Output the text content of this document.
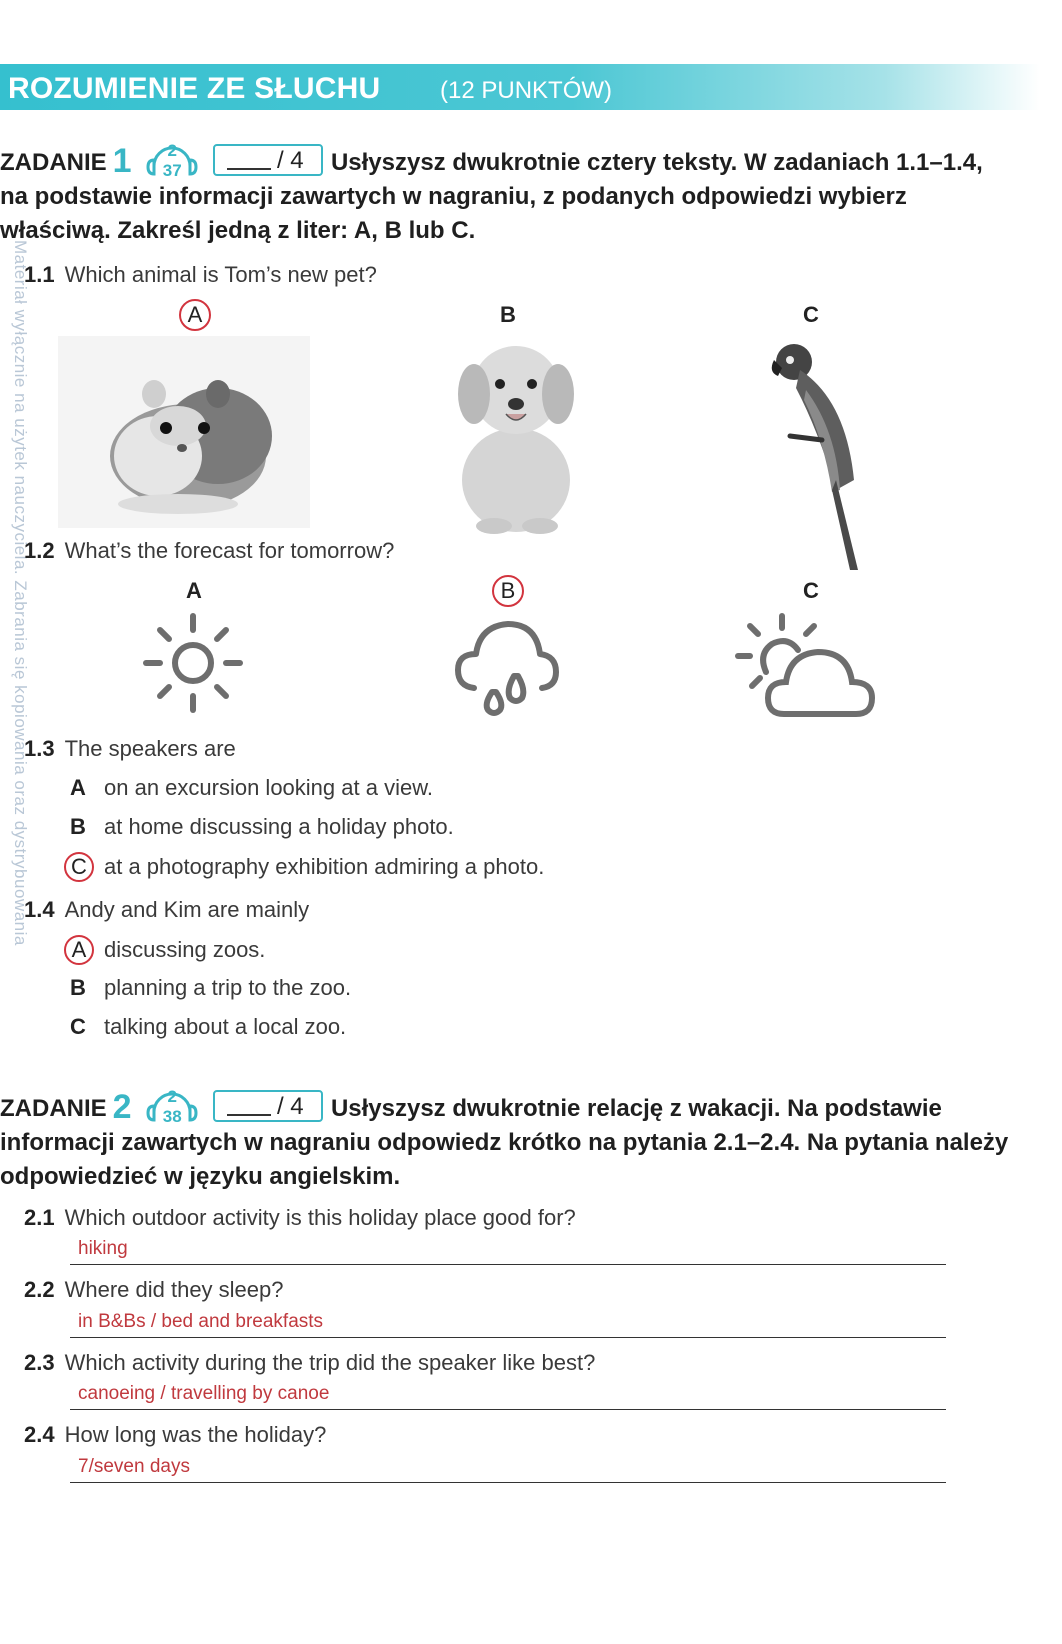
ROZUMIENIE ZE SŁUCHU (12 PUNKTÓW)
Materiał wyłącznie na użytek nauczyciela. Zabrania się kopiowania oraz dystrybuowania
ZADANIE 1	2
37
	/ 4 Usłyszysz dwukrotnie cztery teksty. W zadaniach 1.1–1.4, na podstawie informacji zawartych w nagraniu, z podanych odpowiedzi wybierz właściwą. Zakreśl jedną z liter: A, B lub C.
1.1 Which animal is Tom’s new pet?
A	B	C
1.2 What’s the forecast for tomorrow?
A	B	C
1.3 The speakers are
A on an excursion looking at a view.
B at home discussing a holiday photo.
C at a photography exhibition admiring a photo.
1.4 Andy and Kim are mainly
A discussing zoos.
B planning a trip to the zoo.
C talking about a local zoo.
ZADANIE 2	2
38
	/ 4 Usłyszysz dwukrotnie relację z wakacji. Na podstawie informacji zawartych w nagraniu odpowiedz krótko na pytania 2.1–2.4. Na pytania należy odpowiedzieć w języku angielskim.
2.1 Which outdoor activity is this holiday place good for?
hiking
2.2 Where did they sleep?
in B&Bs / bed and breakfasts
2.3 Which activity during the trip did the speaker like best?
canoeing / travelling by canoe
2.4 How long was the holiday?
7/seven days
